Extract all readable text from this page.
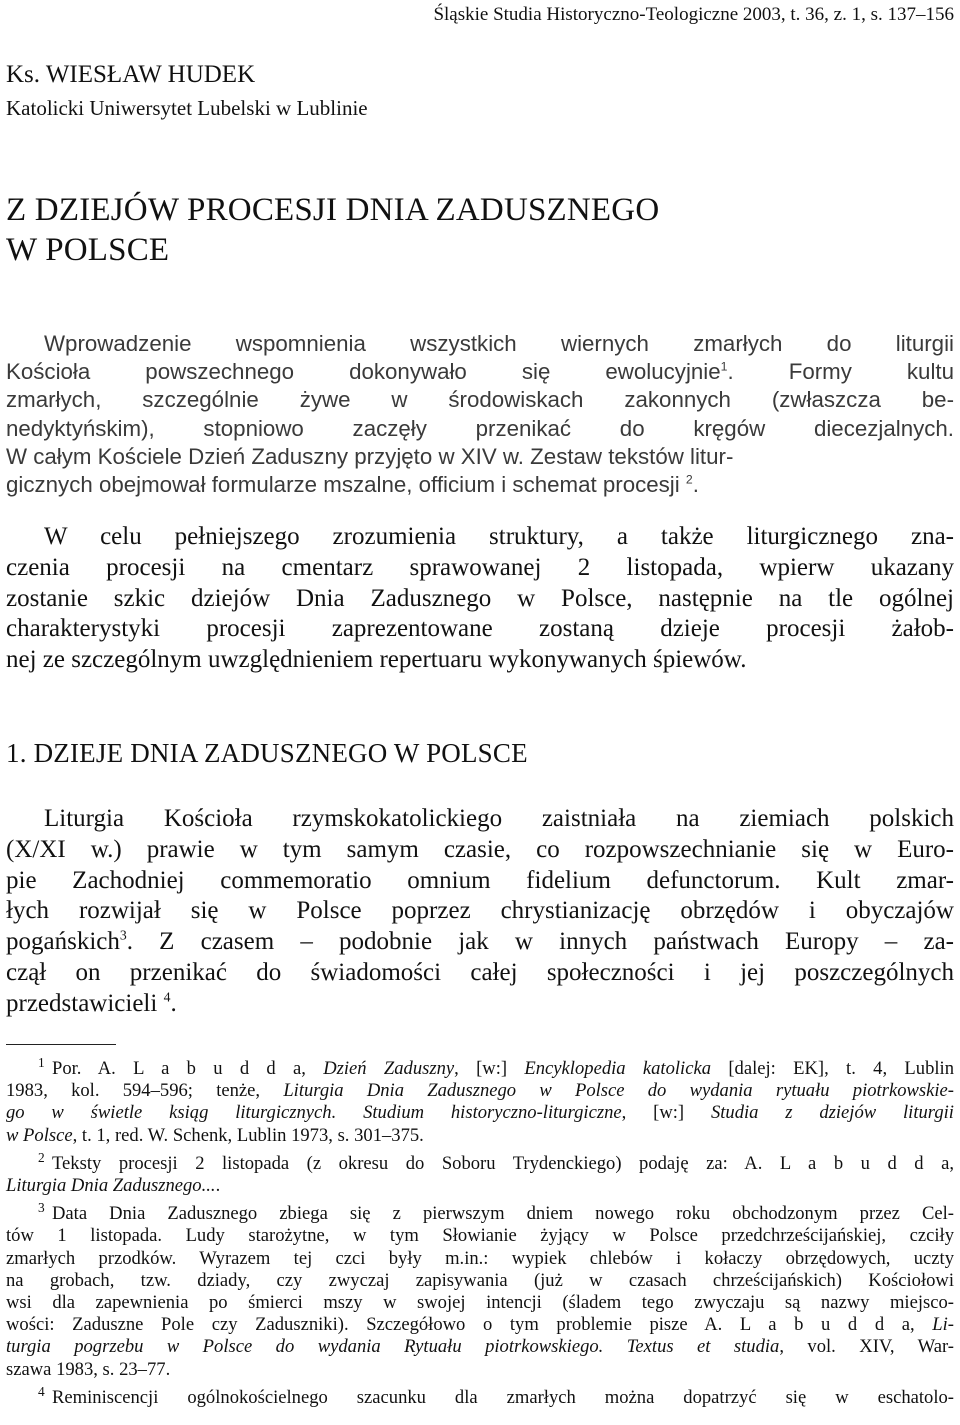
Śląskie Studia Historyczno-Teologiczne 2003, t. 36, z. 1, s. 137–156
Ks. WIESŁAW HUDEK
Katolicki Uniwersytet Lubelski w Lublinie
Z DZIEJÓW PROCESJI DNIA ZADUSZNEGO
W POLSCE
Wprowadzenie wspomnienia wszystkich wiernych zmarłych do liturgii
Kościoła powszechnego dokonywało się ewolucyjnie$^1$. Formy kultu
zmarłych, szczególnie żywe w środowiskach zakonnych (zwłaszcza be-
nedyktyńskim), stopniowo zaczęły przenikać do kręgów diecezjalnych.
W całym Kościele Dzień Zaduszny przyjęto w XIV w. Zestaw tekstów litur-
gicznych obejmował formularze mszalne, officium i schemat procesji $^2$.
W celu pełniejszego zrozumienia struktury, a także liturgicznego zna-
czenia procesji na cmentarz sprawowanej 2 listopada, wpierw ukazany
zostanie szkic dziejów Dnia Zadusznego w Polsce, następnie na tle ogólnej
charakterystyki procesji zaprezentowane zostaną dzieje procesji żałob-
nej ze szczególnym uwzględnieniem repertuaru wykonywanych śpiewów.
1. DZIEJE DNIA ZADUSZNEGO W POLSCE
Liturgia Kościoła rzymskokatolickiego zaistniała na ziemiach polskich
(X/XI w.) prawie w tym samym czasie, co rozpowszechnianie się w Euro-
pie Zachodniej commemoratio omnium fidelium defunctorum. Kult zmar-
łych rozwijał się w Polsce poprzez chrystianizację obrzędów i obyczajów
pogańskich$^3$. Z czasem – podobnie jak w innych państwach Europy – za-
czął on przenikać do świadomości całej społeczności i jej poszczególnych
przedstawicieli $^4$.
$^1$ Por. A. L a b u d d a, Dzień Zaduszny, [w:] Encyklopedia katolicka [dalej: EK], t. 4, Lublin
1983, kol. 594–596; tenże, Liturgia Dnia Zadusznego w Polsce do wydania rytuału piotrkowskie-
go w świetle ksiąg liturgicznych. Studium historyczno-liturgiczne, [w:] Studia z dziejów liturgii
w Polsce, t. 1, red. W. Schenk, Lublin 1973, s. 301–375.
$^2$ Teksty procesji 2 listopada (z okresu do Soboru Trydenckiego) podaję za: A. L a b u d d a,
Liturgia Dnia Zadusznego....
$^3$ Data Dnia Zadusznego zbiega się z pierwszym dniem nowego roku obchodzonym przez Cel-
tów 1 listopada. Ludy starożytne, w tym Słowianie żyjący w Polsce przedchrześcijańskiej, czciły
zmarłych przodków. Wyrazem tej czci były m.in.: wypiek chlebów i kołaczy obrzędowych, uczty
na grobach, tzw. dziady, czy zwyczaj zapisywania (już w czasach chrześcijańskich) Kościołowi
wsi dla zapewnienia po śmierci mszy w swojej intencji (śladem tego zwyczaju są nazwy miejsco-
wości: Zaduszne Pole czy Zaduszniki). Szczegółowo o tym problemie pisze A. L a b u d d a, Li-
turgia pogrzebu w Polsce do wydania Rytuału piotrkowskiego. Textus et studia, vol. XIV, War-
szawa 1983, s. 23–77.
$^4$ Reminiscencji ogólnokościelnego szacunku dla zmarłych można dopatrzyć się w eschatolo-
